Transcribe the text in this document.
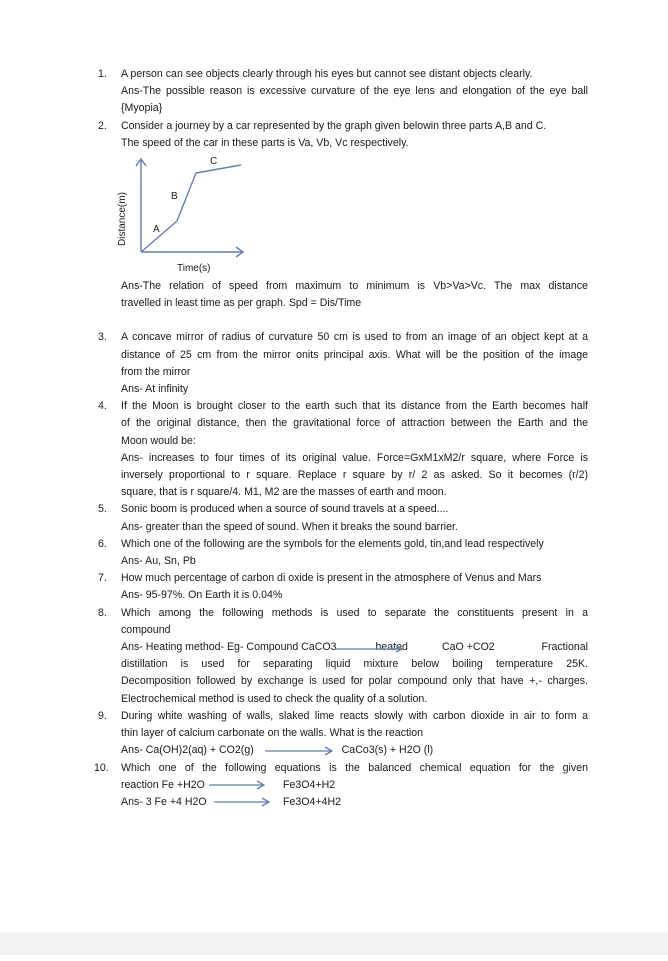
1.	A person can see objects clearly through his eyes but cannot see distant objects clearly.
Ans-The possible reason is excessive curvature of the eye lens and elongation of the eye ball
{Myopia}
2.	Consider a journey by a car represented by the graph given belowin three parts A,B and C.
The speed of the car in these parts is Va, Vb, Vc respectively.
A
B
C
Time(s)
Distance(m)
Ans-The relation of speed from maximum to minimum is Vb>Va>Vc. The max distance
travelled in least time as per graph. Spd = Dis/Time
3.	A concave mirror of radius of curvature 50 cm is used to from an image of an object kept at a
distance of 25 cm from the mirror onits principal axis. What will be the position of the image
from the mirror
Ans- At infinity
4.	If the Moon is brought closer to the earth such that its distance from the Earth becomes half
of the original distance, then the gravitational force of attraction between the Earth and the
Moon would be:
Ans- increases to four times of its original value. Force=GxM1xM2/r square, where Force is
inversely proportional to r square. Replace r square by r/ 2 as asked. So it becomes (r/2)
square, that is r square/4. M1, M2 are the masses of earth and moon.
5.	Sonic boom is produced when a source of sound travels at a speed....
Ans- greater than the speed of sound. When it breaks the sound barrier.
6.	Which one of the following are the symbols for the elements gold, tin,and lead respectively
Ans- Au, Sn, Pb
7.	How much percentage of carbon di oxide is present in the atmosphere of Venus and Mars
Ans- 95-97%. On Earth it is 0.04%
8.	Which among the following methods is used to separate the constituents present in a
compound
Ans- Heating method- Eg- Compound CaCO3	heated	CaO +CO2	Fractional
distillation is used for separating liquid mixture below boiling temperature 25K.
Decomposition followed by exchange is used for polar compound only that have +,- charges.
Electrochemical method is used to check the quality of a solution.
9.	During white washing of walls, slaked lime reacts slowly with carbon dioxide in air to form a
thin layer of calcium carbonate on the walls. What is the reaction
Ans- Ca(OH)2(aq) + CO2(g)	CaCo3(s) + H2O (l)
10.	Which one of the following equations is the balanced chemical equation for the given
reaction Fe +H2O	Fe3O4+H2
Ans- 3 Fe +4 H2O	Fe3O4+4H2
